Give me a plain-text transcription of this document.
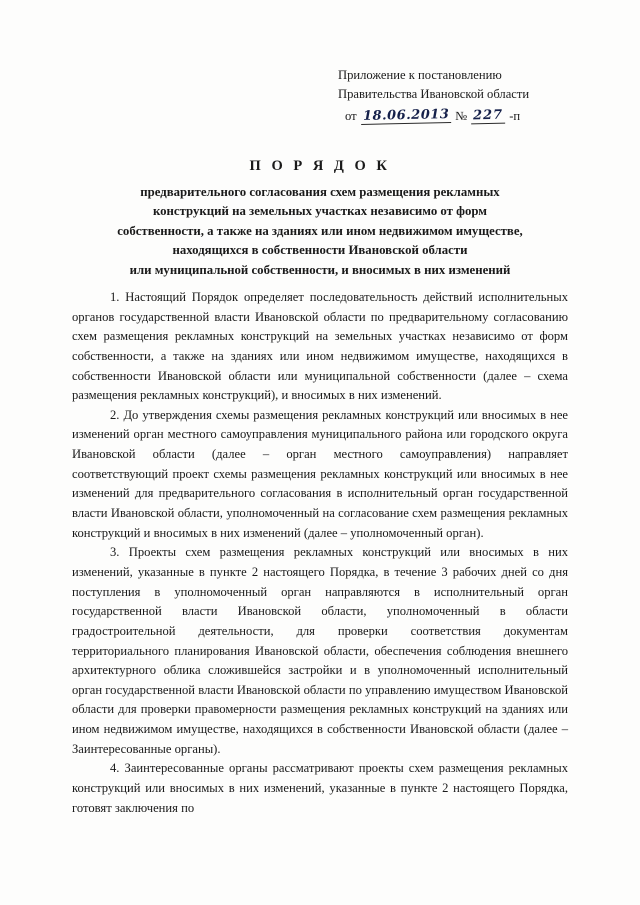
Приложение к постановлению
Правительства Ивановской области
от 18.06.2013 № 227 -п
П О Р Я Д О К
предварительного согласования схем размещения рекламных
конструкций на земельных участках независимо от форм
собственности, а также на зданиях или ином недвижимом имуществе,
находящихся в собственности Ивановской области
или муниципальной собственности, и вносимых в них изменений

1. Настоящий Порядок определяет последовательность действий исполнительных органов государственной власти Ивановской области по предварительному согласованию схем размещения рекламных конструкций на земельных участках независимо от форм собственности, а также на зданиях или ином недвижимом имуществе, находящихся в собственности Ивановской области или муниципальной собственности (далее – схема размещения рекламных конструкций), и вносимых в них изменений.

2. До утверждения схемы размещения рекламных конструкций или вносимых в нее изменений орган местного самоуправления муниципального района или городского округа Ивановской области (далее – орган местного самоуправления) направляет соответствующий проект схемы размещения рекламных конструкций или вносимых в нее изменений для предварительного согласования в исполнительный орган государственной власти Ивановской области, уполномоченный на согласование схем размещения рекламных конструкций и вносимых в них изменений (далее – уполномоченный орган).

3. Проекты схем размещения рекламных конструкций или вносимых в них изменений, указанные в пункте 2 настоящего Порядка, в течение 3 рабочих дней со дня поступления в уполномоченный орган направляются в исполнительный орган государственной власти Ивановской области, уполномоченный в области градостроительной деятельности, для проверки соответствия документам территориального планирования Ивановской области, обеспечения соблюдения внешнего архитектурного облика сложившейся застройки и в уполномоченный исполнительный орган государственной власти Ивановской области по управлению имуществом Ивановской области для проверки правомерности размещения рекламных конструкций на зданиях или ином недвижимом имуществе, находящихся в собственности Ивановской области (далее – Заинтересованные органы).

4. Заинтересованные органы рассматривают проекты схем размещения рекламных конструкций или вносимых в них изменений, указанные в пункте 2 настоящего Порядка, готовят заключения по
